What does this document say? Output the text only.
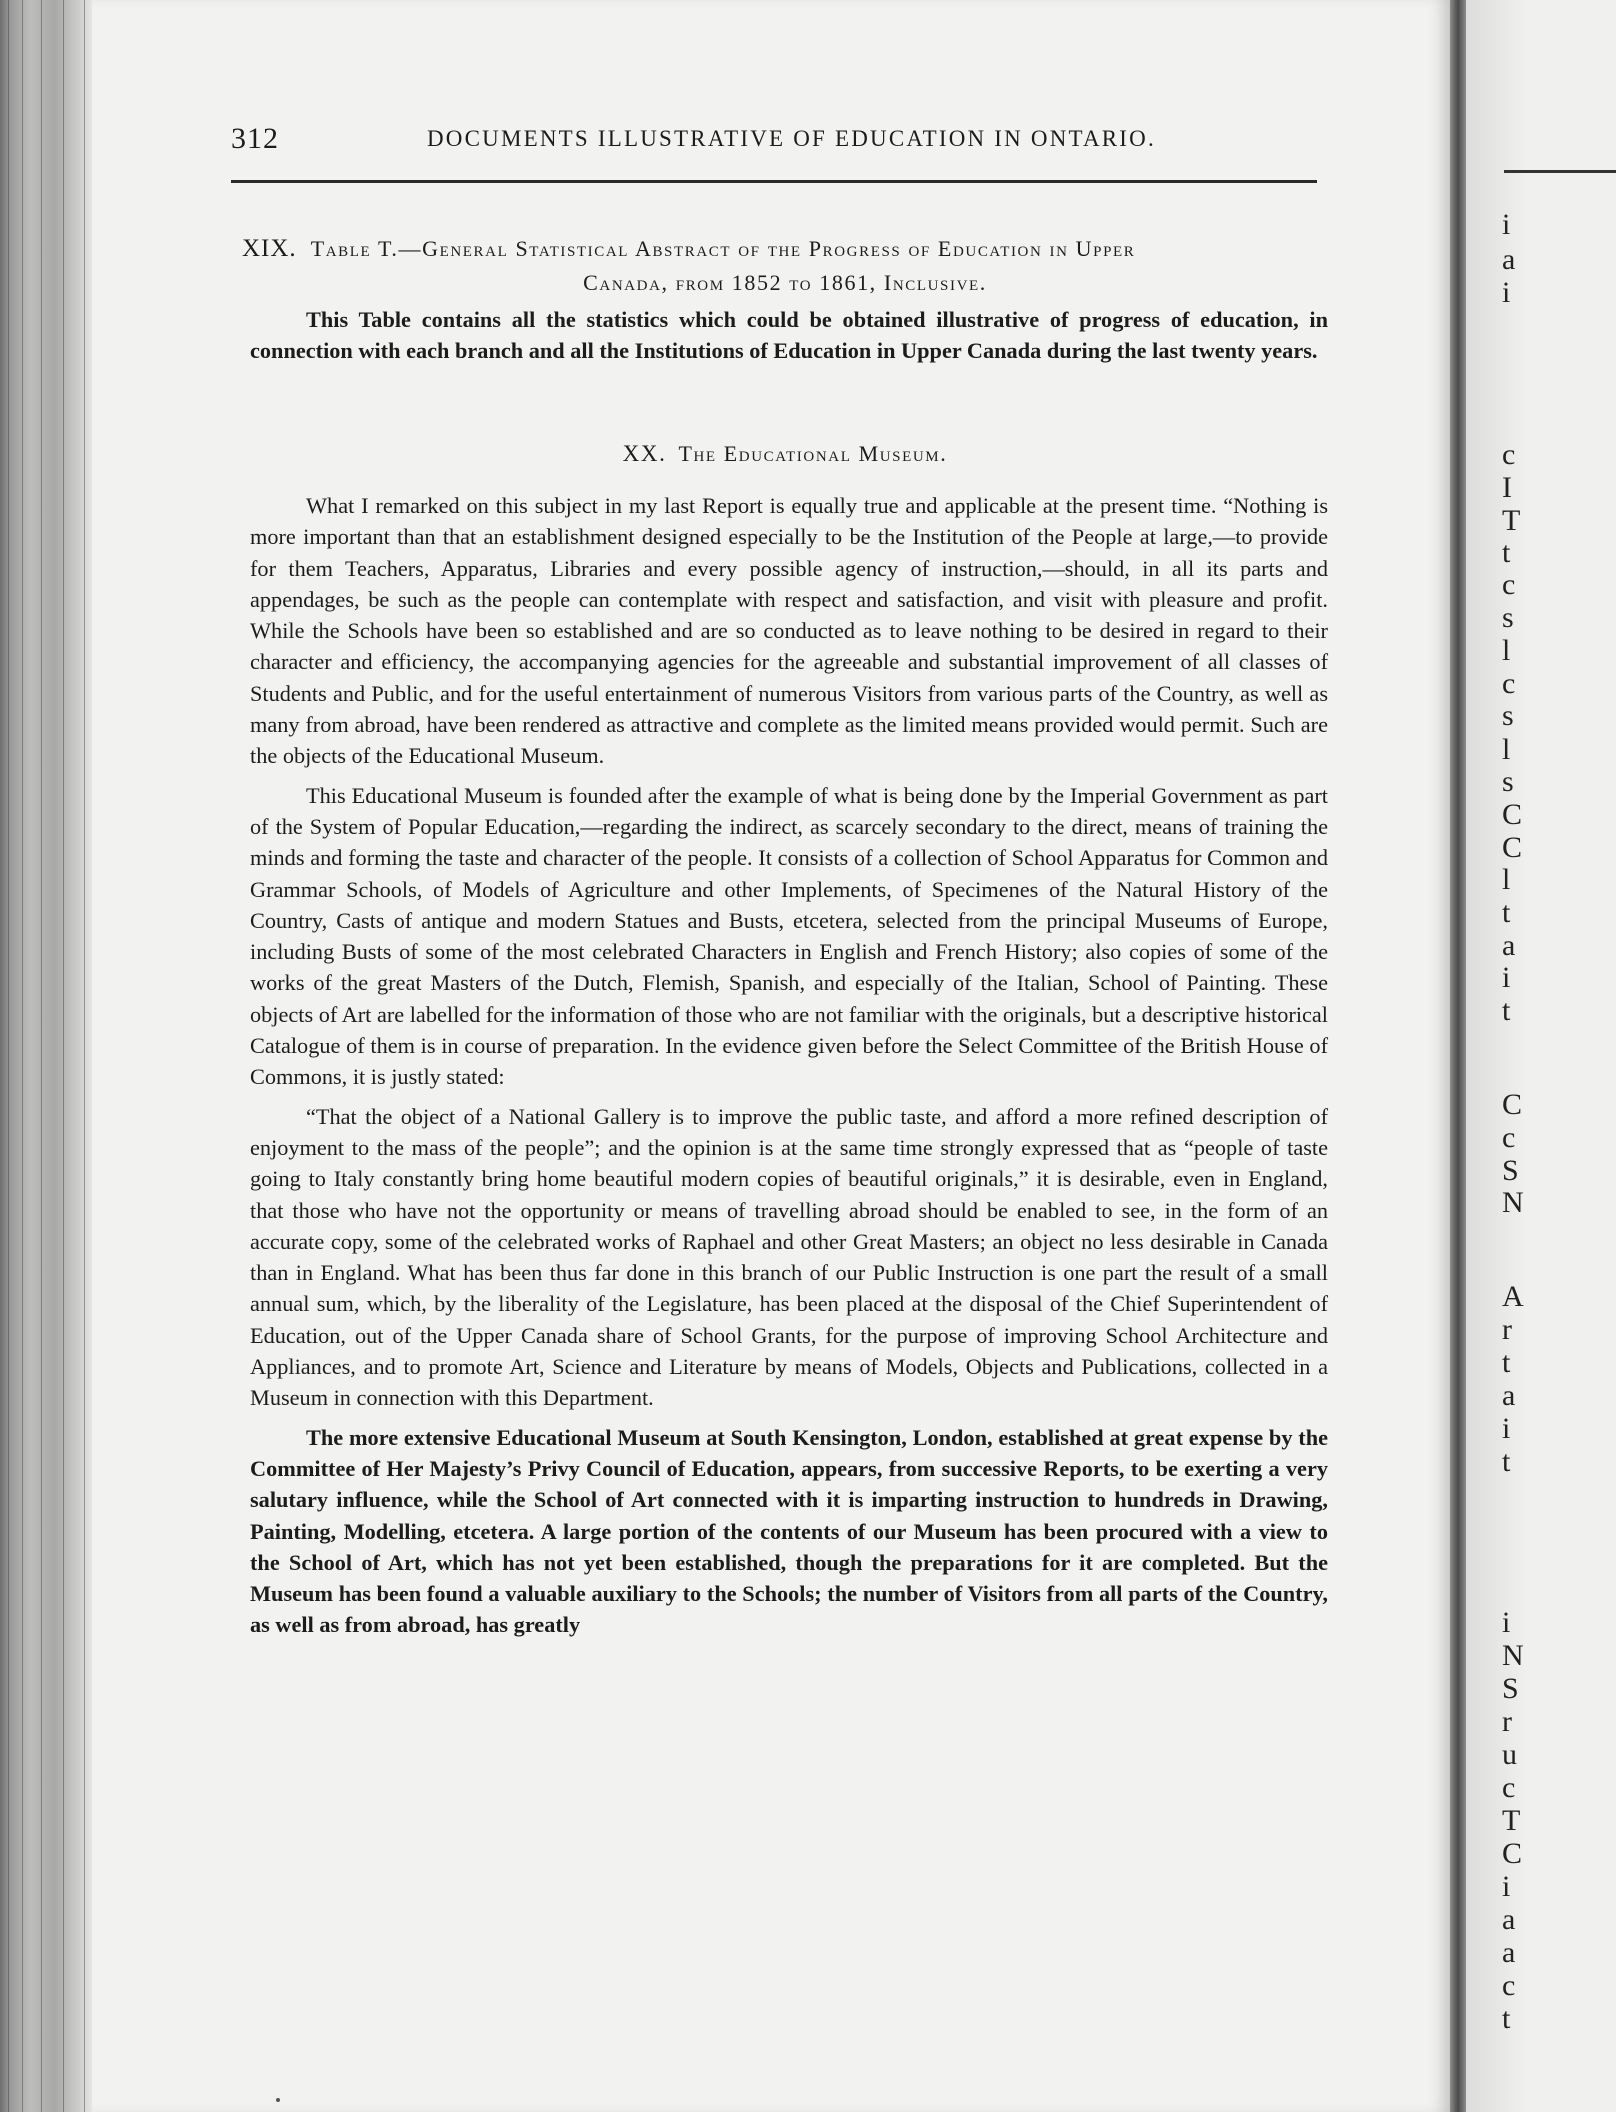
312	DOCUMENTS ILLUSTRATIVE OF EDUCATION IN ONTARIO.
XIX. Table T.—General Statistical Abstract of the Progress of Education in Upper
Canada, from 1852 to 1861, Inclusive.

This Table contains all the statistics which could be obtained illustrative of progress of education, in connection with each branch and all the Institutions of Education in Upper Canada during the last twenty years.

XX. The Educational Museum.

What I remarked on this subject in my last Report is equally true and applicable at the present time. “Nothing is more important than that an establishment designed especially to be the Institution of the People at large,—to provide for them Teachers, Apparatus, Libraries and every possible agency of instruction,—should, in all its parts and appendages, be such as the people can contemplate with respect and satisfaction, and visit with pleasure and profit. While the Schools have been so established and are so conducted as to leave nothing to be desired in regard to their character and efficiency, the accompanying agencies for the agreeable and substantial improvement of all classes of Students and Public, and for the useful entertainment of numerous Visitors from various parts of the Country, as well as many from abroad, have been rendered as attractive and complete as the limited means provided would permit. Such are the objects of the Educational Museum.

This Educational Museum is founded after the example of what is being done by the Imperial Government as part of the System of Popular Education,—regarding the indirect, as scarcely secondary to the direct, means of training the minds and forming the taste and character of the people. It consists of a collection of School Apparatus for Common and Grammar Schools, of Models of Agriculture and other Implements, of Specimenes of the Natural History of the Country, Casts of antique and modern Statues and Busts, etcetera, selected from the principal Museums of Europe, including Busts of some of the most celebrated Characters in English and French History; also copies of some of the works of the great Masters of the Dutch, Flemish, Spanish, and especially of the Italian, School of Painting. These objects of Art are labelled for the information of those who are not familiar with the originals, but a descriptive historical Catalogue of them is in course of preparation. In the evidence given before the Select Committee of the British House of Commons, it is justly stated:

“That the object of a National Gallery is to improve the public taste, and afford a more refined description of enjoyment to the mass of the people”; and the opinion is at the same time strongly expressed that as “people of taste going to Italy constantly bring home beautiful modern copies of beautiful originals,” it is desirable, even in England, that those who have not the opportunity or means of travelling abroad should be enabled to see, in the form of an accurate copy, some of the celebrated works of Raphael and other Great Masters; an object no less desirable in Canada than in England. What has been thus far done in this branch of our Public Instruction is one part the result of a small annual sum, which, by the liberality of the Legislature, has been placed at the disposal of the Chief Superintendent of Education, out of the Upper Canada share of School Grants, for the purpose of improving School Architecture and Appliances, and to promote Art, Science and Literature by means of Models, Objects and Publications, collected in a Museum in connection with this Department.

The more extensive Educational Museum at South Kensington, London, established at great expense by the Committee of Her Majesty’s Privy Council of Education, appears, from successive Reports, to be exerting a very salutary influence, while the School of Art connected with it is imparting instruction to hundreds in Drawing, Painting, Modelling, etcetera. A large portion of the contents of our Museum has been procured with a view to the School of Art, which has not yet been established, though the preparations for it are completed. But the Museum has been found a valuable auxiliary to the Schools; the number of Visitors from all parts of the Country, as well as from abroad, has greatly

i
a
i
c
I
T
t
c
s
l
c
s
l
s
C
C
l
t
a
i
t
C
c
S
N
A
r
t
a
i
t
i
N
S
r
u
c
T
C
i
a
a
c
t
